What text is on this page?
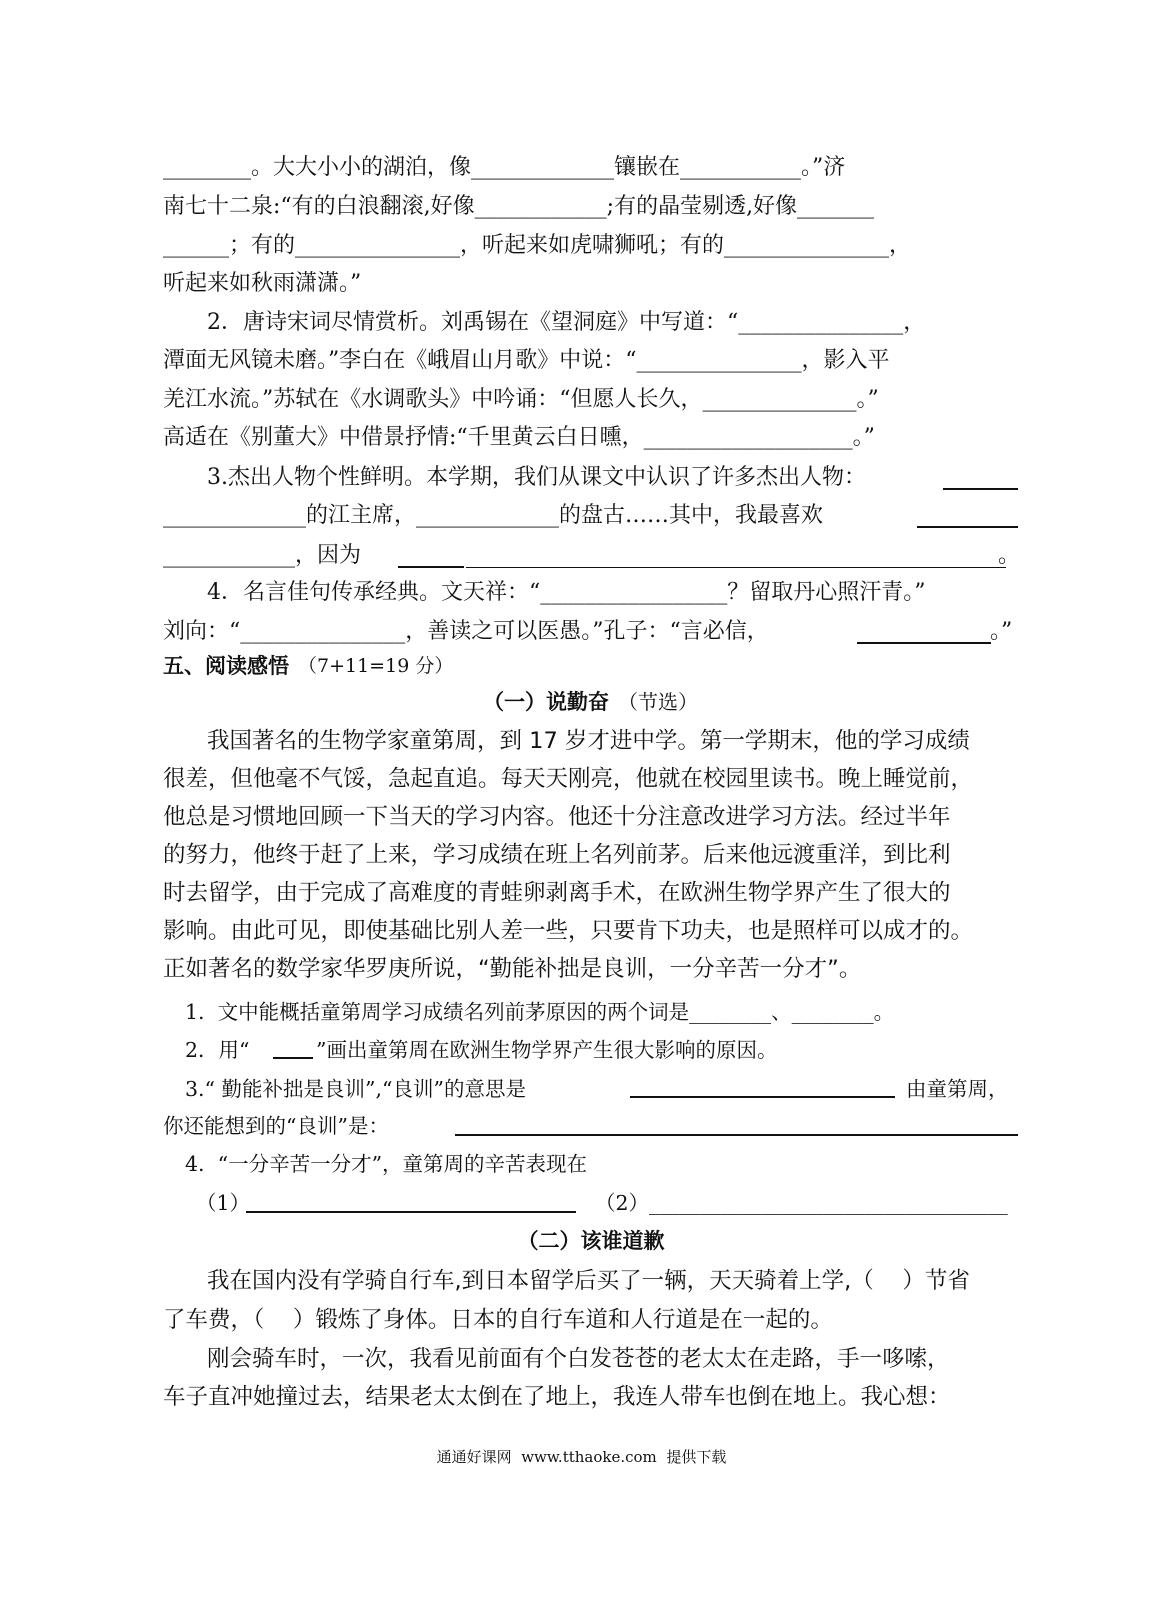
________。大大小小的湖泊，像_____________镶嵌在___________。”济

南七十二泉:“有的白浪翻滚,好像____________;有的晶莹剔透,好像_______

______；有的_______________，听起来如虎啸狮吼；有的_______________，

听起来如秋雨潇潇。”

2．唐诗宋词尽情赏析。刘禹锡在《望洞庭》中写道：“_______________，

潭面无风镜未磨。”李白在《峨眉山月歌》中说：“_______________，影入平

羌江水流。”苏轼在《水调歌头》中吟诵：“但愿人长久，______________。”

高适在《别董大》中借景抒情:“千里黄云白日曛，___________________。”

3.杰出人物个性鲜明。本学期，我们从课文中认识了许多杰出人物：

_____________的江主席，_____________的盘古……其中，我最喜欢

____________，因为	。

4．名言佳句传承经典。文天祥：“_________________？留取丹心照汗青。”

刘向：“_______________，善读之可以医愚。”孔子：“言必信，	。”

五、阅读感悟 （7+11=19 分）

（一）说勤奋 （节选）

我国著名的生物学家童第周，到 17 岁才进中学。第一学期末，他的学习成绩

很差，但他毫不气馁，急起直追。每天天刚亮，他就在校园里读书。晚上睡觉前，

他总是习惯地回顾一下当天的学习内容。他还十分注意改进学习方法。经过半年

的努力，他终于赶了上来，学习成绩在班上名列前茅。后来他远渡重洋，到比利

时去留学，由于完成了高难度的青蛙卵剥离手术，在欧洲生物学界产生了很大的

影响。由此可见，即使基础比别人差一些，只要肯下功夫，也是照样可以成才的。

正如著名的数学家华罗庚所说，“勤能补拙是良训，一分辛苦一分才”。

1.  文中能概括童第周学习成绩名列前茅原因的两个词是________、________。

2．用“	”画出童第周在欧洲生物学界产生很大影响的原因。

3.“ 勤能补拙是良训”,“良训”的意思是	由童第周，

你还能想到的“良训”是：

4.  “一分辛苦一分才”，童第周的辛苦表现在

（1）	（2）___________________________________

（二）该谁道歉

我在国内没有学骑自行车,到日本留学后买了一辆，天天骑着上学,（    ）节省

了车费，（    ）锻炼了身体。日本的自行车道和人行道是在一起的。

刚会骑车时，一次，我看见前面有个白发苍苍的老太太在走路，手一哆嗦，

车子直冲她撞过去，结果老太太倒在了地上，我连人带车也倒在地上。我心想：

通通好课网  www.tthaoke.com  提供下载
